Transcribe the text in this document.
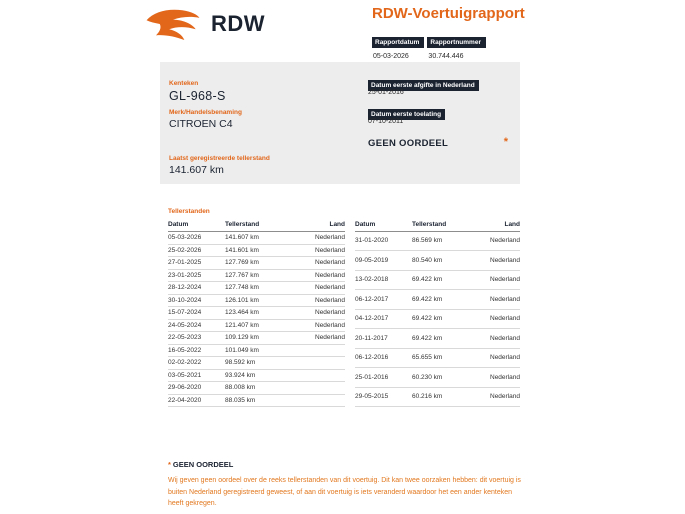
RDW	RDW-Voertuigrapport
Rapportdatum
05-03-2026
Rapportnummer
30.744.446
Kenteken
GL-968-S
Merk/Handelsbenaming
CITROEN C4
Laatst geregistreerde tellerstand
141.607 km
Datum eerste afgifte in Nederland
25-01-2016
Datum eerste toelating
07-10-2011
GEEN OORDEEL	*
Tellerstanden
Datum	Tellerstand	Land
05-03-2026	141.607 km	Nederland
25-02-2026	141.601 km	Nederland
27-01-2025	127.769 km	Nederland
23-01-2025	127.767 km	Nederland
28-12-2024	127.748 km	Nederland
30-10-2024	126.101 km	Nederland
15-07-2024	123.464 km	Nederland
24-05-2024	121.407 km	Nederland
22-05-2023	109.129 km	Nederland
16-05-2022	101.049 km	
02-02-2022	98.592 km	
03-05-2021	93.924 km	
29-06-2020	88.008 km	
22-04-2020	88.035 km	
Datum	Tellerstand	Land
31-01-2020	86.569 km	Nederland
09-05-2019	80.540 km	Nederland
13-02-2018	69.422 km	Nederland
06-12-2017	69.422 km	Nederland
04-12-2017	69.422 km	Nederland
20-11-2017	69.422 km	Nederland
06-12-2016	65.655 km	Nederland
25-01-2016	60.230 km	Nederland
29-05-2015	60.216 km	Nederland
* GEEN OORDEEL
Wij geven geen oordeel over de reeks tellerstanden van dit voertuig. Dit kan twee oorzaken hebben: dit voertuig is buiten Nederland geregistreerd geweest, of aan dit voertuig is iets veranderd waardoor het een ander kenteken heeft gekregen.
